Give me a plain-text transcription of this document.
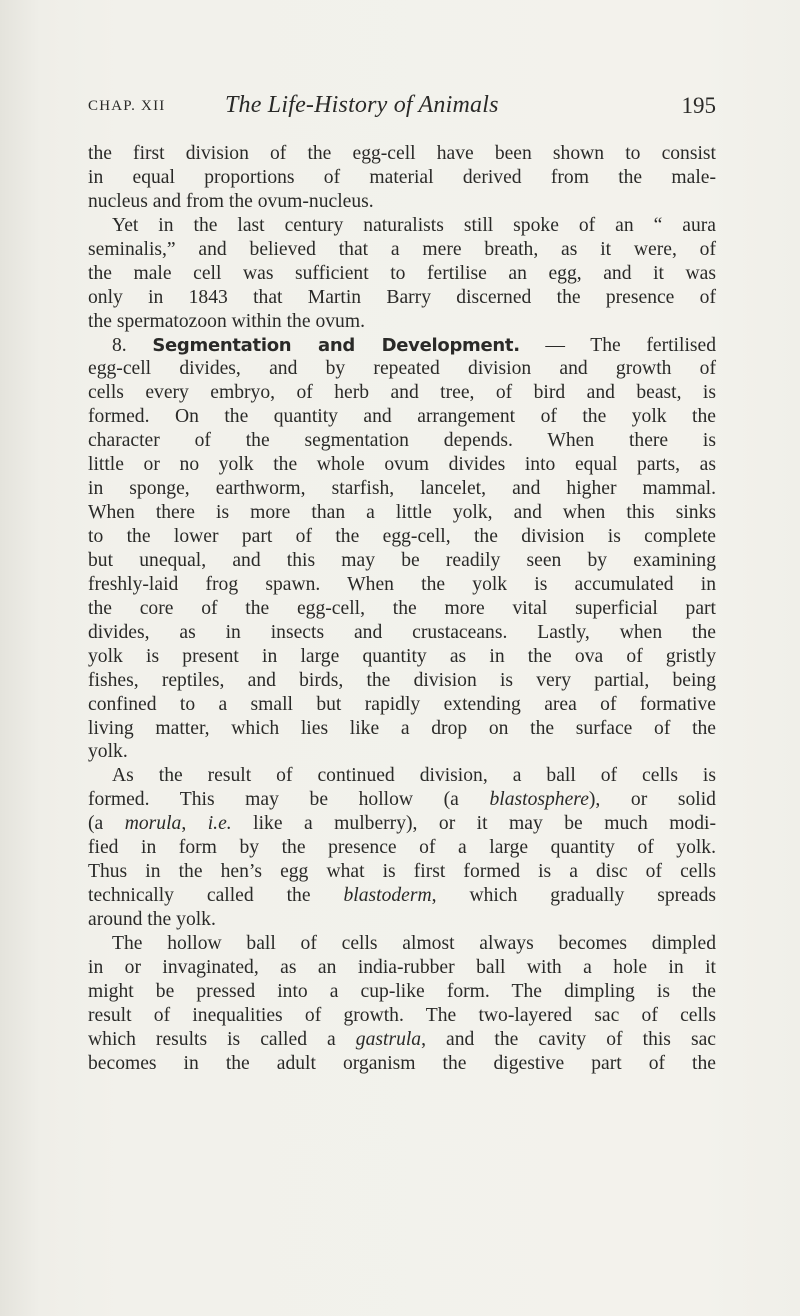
CHAP. XII The Life-History of Animals	195
the first division of the egg-cell have been shown to consist
in equal proportions of material derived from the male-
nucleus and from the ovum-nucleus.
Yet in the last century naturalists still spoke of an “ aura
seminalis,” and believed that a mere breath, as it were, of
the male cell was sufficient to fertilise an egg, and it was
only in 1843 that Martin Barry discerned the presence of
the spermatozoon within the ovum.
8. Segmentation and Development. — The fertilised
egg-cell divides, and by repeated division and growth of
cells every embryo, of herb and tree, of bird and beast, is
formed. On the quantity and arrangement of the yolk the
character of the segmentation depends. When there is
little or no yolk the whole ovum divides into equal parts, as
in sponge, earthworm, starfish, lancelet, and higher mammal.
When there is more than a little yolk, and when this sinks
to the lower part of the egg-cell, the division is complete
but unequal, and this may be readily seen by examining
freshly-laid frog spawn. When the yolk is accumulated in
the core of the egg-cell, the more vital superficial part
divides, as in insects and crustaceans. Lastly, when the
yolk is present in large quantity as in the ova of gristly
fishes, reptiles, and birds, the division is very partial, being
confined to a small but rapidly extending area of formative
living matter, which lies like a drop on the surface of the
yolk.
As the result of continued division, a ball of cells is
formed. This may be hollow (a blastosphere), or solid
(a morula, i.e. like a mulberry), or it may be much modi-
fied in form by the presence of a large quantity of yolk.
Thus in the hen’s egg what is first formed is a disc of cells
technically called the blastoderm, which gradually spreads
around the yolk.
The hollow ball of cells almost always becomes dimpled
in or invaginated, as an india-rubber ball with a hole in it
might be pressed into a cup-like form. The dimpling is the
result of inequalities of growth. The two-layered sac of cells
which results is called a gastrula, and the cavity of this sac
becomes in the adult organism the digestive part of the
